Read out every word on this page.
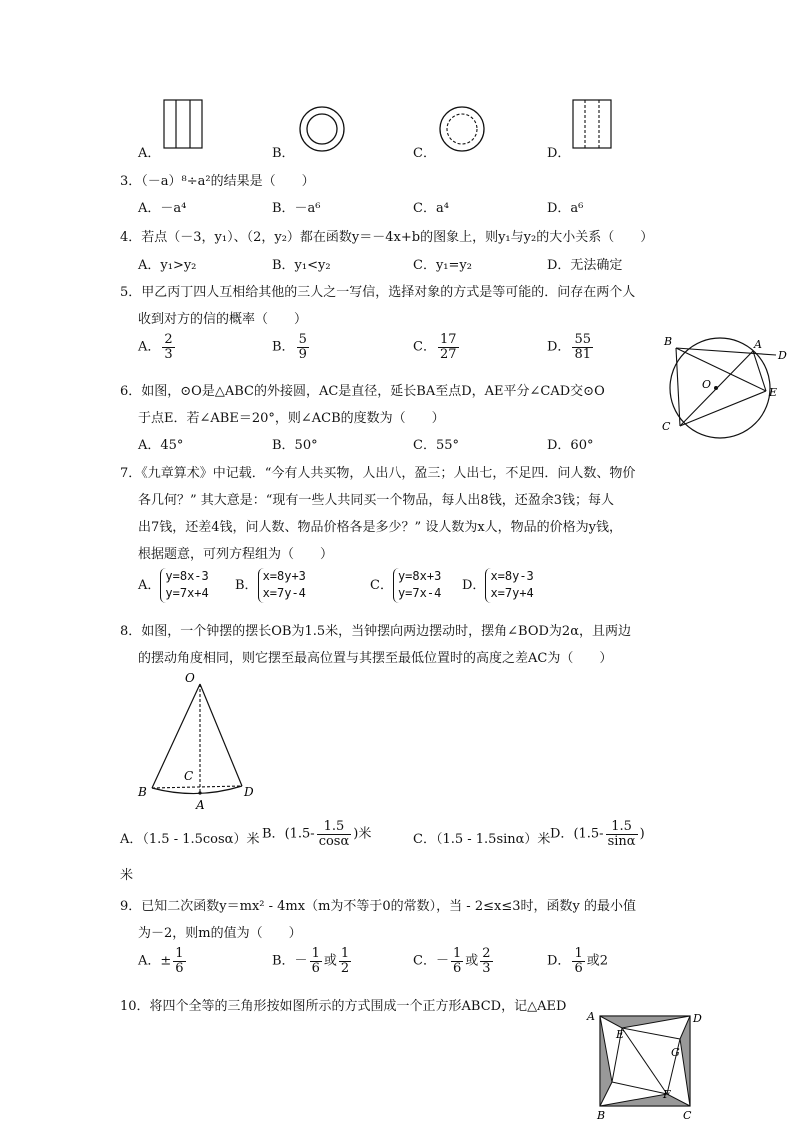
A．	B．	C．	D．
3．（－a）⁸÷a²的结果是（　　）
A．－a⁴	B．－a⁶	C．a⁴	D．a⁶
4．若点（－3，y₁）、（2，y₂）都在函数y＝－4x+b的图象上，则y₁与y₂的大小关系（　　）
A．y₁>y₂	B．y₁<y₂	C．y₁=y₂	D．无法确定
5．甲乙丙丁四人互相给其他的三人之一写信，选择对象的方式是等可能的．问存在两个人
收到对方的信的概率（　　）
A． $\frac{2}{3}$	B． $\frac{5}{9}$	C． $\frac{17}{27}$	D． $\frac{55}{81}$	B	A
D
O
E
C
6．如图，⊙O是△ABC的外接圆，AC是直径，延长BA至点D，AE平分∠CAD交⊙O
于点E．若∠ABE＝20°，则∠ACB的度数为（　　）
A．45°	B．50°	C．55°	D．60°
7．《九章算术》中记载．“今有人共买物，人出八，盈三；人出七，不足四．问人数、物价
各几何？” 其大意是：“现有一些人共同买一个物品，每人出8钱，还盈余3钱；每人
出7钱，还差4钱，问人数、物品价格各是多少？” 设人数为x人，物品的价格为y钱，
根据题意，可列方程组为（　　）
A．y=8x-3
y=7x+4
B．x=8y+3
x=7y-4
C．y=8x+3
y=7x-4
D．x=8y-3
x=7y+4
8．如图，一个钟摆的摆长OB为1.5米，当钟摆向两边摆动时，摆角∠BOD为2α，且两边
的摆动角度相同，则它摆至最高位置与其摆至最低位置时的高度之差AC为（　　）
O
B
C
A
D
A．（1.5 - 1.5cosα）米 B．($1.5- \frac{1.5}{\cos\alpha}$ )米	C．（1.5 - 1.5sinα）米 D．($1.5- \frac{1.5}{\sin\alpha}$ )
米
9．已知二次函数y＝mx² - 4mx（m为不等于0的常数），当 - 2≤x≤3时，函数y 的最小值
为－2，则m的值为（　　）
A．± $\frac{1}{6}$	B．－ $\frac{1}{6}$ 或 $\frac{1}{2}$	C．－ $\frac{1}{6}$ 或 $\frac{2}{3}$	D． $\frac{1}{6}$ 或2
10．将四个全等的三角形按如图所示的方式围成一个正方形ABCD，记△AED
A	D
E
G
F
B	C
